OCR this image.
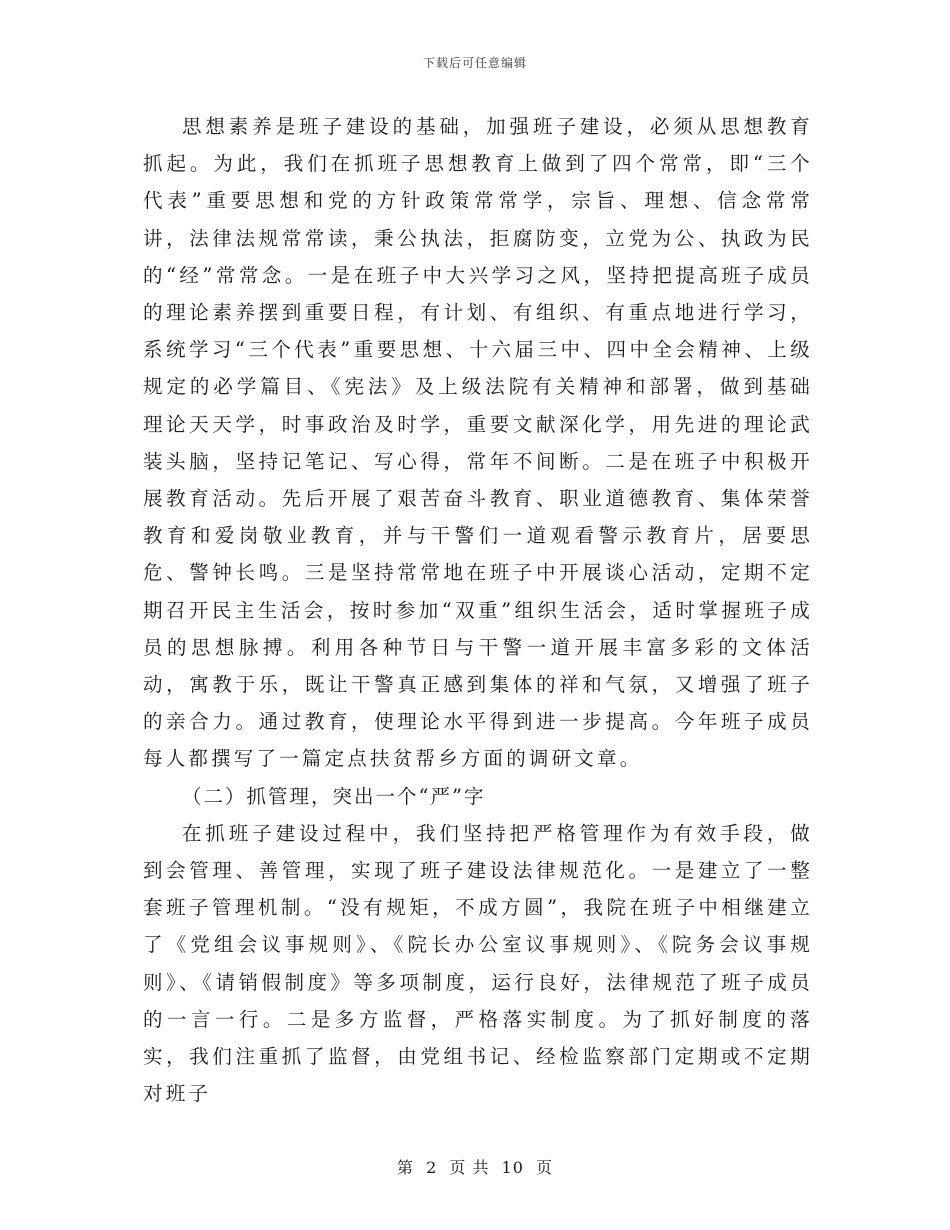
下载后可任意编辑

思想素养是班子建设的基础，加强班子建设，必须从思想教育抓起。为此，我们在抓班子思想教育上做到了四个常常，即“三个代表”重要思想和党的方针政策常常学，宗旨、理想、信念常常讲，法律法规常常读，秉公执法，拒腐防变，立党为公、执政为民的“经”常常念。一是在班子中大兴学习之风，坚持把提高班子成员的理论素养摆到重要日程，有计划、有组织、有重点地进行学习，系统学习“三个代表”重要思想、十六届三中、四中全会精神、上级规定的必学篇目、《宪法》及上级法院有关精神和部署，做到基础理论天天学，时事政治及时学，重要文献深化学，用先进的理论武装头脑，坚持记笔记、写心得，常年不间断。二是在班子中积极开展教育活动。先后开展了艰苦奋斗教育、职业道德教育、集体荣誉教育和爱岗敬业教育，并与干警们一道观看警示教育片，居要思危、警钟长鸣。三是坚持常常地在班子中开展谈心活动，定期不定期召开民主生活会，按时参加“双重”组织生活会，适时掌握班子成员的思想脉搏。利用各种节日与干警一道开展丰富多彩的文体活动，寓教于乐，既让干警真正感到集体的祥和气氛，又增强了班子的亲合力。通过教育，使理论水平得到进一步提高。今年班子成员每人都撰写了一篇定点扶贫帮乡方面的调研文章。

（二）抓管理，突出一个“严”字

在抓班子建设过程中，我们坚持把严格管理作为有效手段，做到会管理、善管理，实现了班子建设法律规范化。一是建立了一整套班子管理机制。“没有规矩，不成方圆”，我院在班子中相继建立了《党组会议事规则》、《院长办公室议事规则》、《院务会议事规则》、《请销假制度》等多项制度，运行良好，法律规范了班子成员的一言一行。二是多方监督，严格落实制度。为了抓好制度的落实，我们注重抓了监督，由党组书记、经检监察部门定期或不定期对班子

第 2 页 共 10 页
